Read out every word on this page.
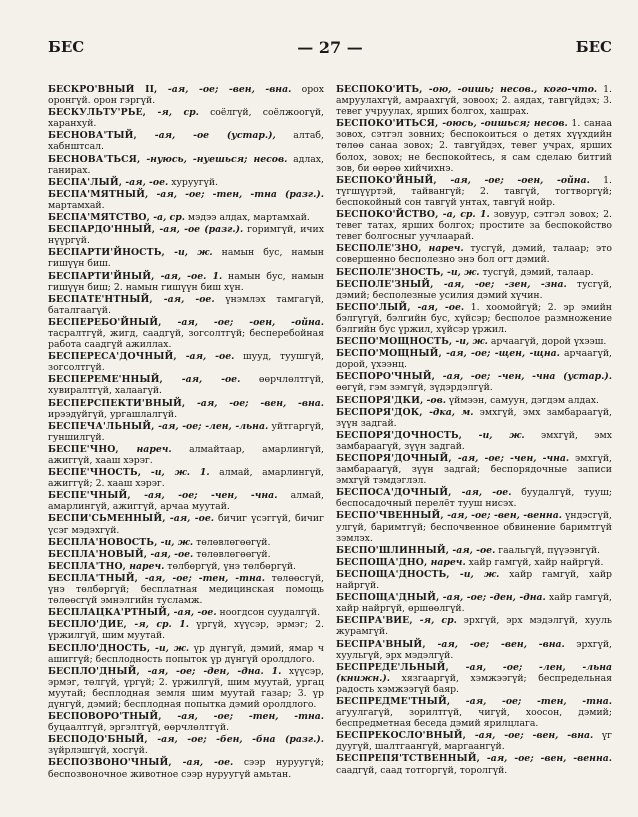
БЕС	— 27 —	БЕС

БЕСКРО'ВНЫЙ II, -ая, -ое; -вен, -вна. орох оронгүй. орон гэргүй.

БЕСКУЛЬТУ'РЬЕ, -я, ср. соёлгүй, соёлжоогүй, харанхуй.

БЕСНОВА'ТЫЙ, -ая, -ое (устар.), алтаб, хабнштсал.

БЕСНОВА'ТЬСЯ, -нуюсь, -нуешься; несов. адлах, ганирах.

БЕСПА'ЛЫЙ, -ая, -ое. хуруугүй.

БЕСПА'МЯТНЫЙ, -ая, -ое; -тен, -тна (разг.). мартамхай.

БЕСПА'МЯТСТВО, -а, ср. мэдээ алдах, мартамхай.

БЕСПАРДО'ННЫЙ, -ая, -ое (разг.). горимгүй, ичих нүүргүй.

БЕСПАРТИ'ЙНОСТЬ, -и, ж. намын бус, намын гишүүн биш.

БЕСПАРТИ'ЙНЫЙ, -ая, -ое. 1. намын бус, намын гишүүн биш; 2. намын гишүүн биш хүн.

БЕСПАТЕ'НТНЫЙ, -ая, -ое. үнэмлэх тамгагүй, баталгаагүй.

БЕСПЕРЕБО'ЙНЫЙ, -ая, -ое; -оен, -ойна. тасралтгүй, жигд, саадгүй, зогсолтгүй; бесперебойная работа саадгүй ажиллах.

БЕСПЕРЕСА'ДОЧНЫЙ, -ая, -ое. шууд, туушгүй, зогсолтгүй.

БЕСПЕРЕМЕ'ННЫЙ, -ая, -ое. өөрчлөлтгүй, хувиралтгүй, халаагүй.

БЕСПЕРСПЕКТИ'ВНЫЙ, -ая, -ое; -вен, -вна. ирээдүйгүй, ургашлалгүй.

БЕСПЕЧА'ЛЬНЫЙ, -ая, -ое; -лен, -льна. уйтгаргүй, гуншилгүй.

БЕСПЕ'ЧНО, нареч. алмайтаар, амарлингүй, ажиггүй, хааш хэрэг.

БЕСПЕ'ЧНОСТЬ, -и, ж. 1. алмай, амарлингүй, ажиггүй; 2. хааш хэрэг.

БЕСПЕ'ЧНЫЙ, -ая, -ое; -чен, -чна. алмай, амарлингүй, ажиггүй, арчаа муутай.

БЕСПИ'СЬМЕННЫЙ, -ая, -ое. бичиг үсэггүй, бичиг үсэг мэдэхгүй.

БЕСПЛА'НОВОСТЬ, -и, ж. төлөвлөгөөгүй.

БЕСПЛА'НОВЫЙ, -ая, -ое. төлөвлөгөөгүй.

БЕСПЛА'ТНО, нареч. төлбөргүй, үнэ төлбөргүй.

БЕСПЛА'ТНЫЙ, -ая, -ое; -тен, -тна. төлөөсгүй, үнэ төлбөргүй; бесплатная медицинская помощь төлөөсгүй эмнэлгийн тусламж.

БЕСПЛАЦКА'РТНЫЙ, -ая, -ое. ноогдсон суудалгүй.

БЕСПЛО'ДИЕ, -я, ср. 1. үргүй, хүүсэр, эрмэг; 2. үржилгүй, шим муутай.

БЕСПЛО'ДНОСТЬ, -и, ж. үр дүнгүй, дэмий, ямар ч ашиггүй; бесплодность попыток үр дүнгүй оролдлого.

БЕСПЛО'ДНЫЙ, -ая, -ое; -ден, -дна. 1. хүүсэр, эрмэг, төлгүй, үргүй; 2. үржилгүй, шим муутай, ургац муутай; бесплодная земля шим муутай газар; 3. үр дүнгүй, дэмий; бесплодная попытка дэмий оролдлого.

БЕСПОВОРО'ТНЫЙ, -ая, -ое; -тен, -тна. буцаалтгүй, эргэлтгүй, өөрчлөлтгүй.

БЕСПОДО'БНЫЙ, -ая, -ое; -бен, -бна (разг.). зүйрлэшгүй, хосгүй.

БЕСПОЗВОНО'ЧНЫЙ, -ая, -ое. сээр нуруугүй; беспозвоночное животное сээр нуруугүй амьтан.

БЕСПОКО'ИТЬ, -ою, -оишь; несов., кого-что. 1. амруулахгүй, амраахгүй, зовоох; 2. аядах, тавгүйдэх; 3. тевег учруулах, ярших болгох, хашрах.

БЕСПОКО'ИТЬСЯ, -оюсь, -оишься; несов. 1. санаа зовох, сэтгэл зовних; беспокоиться о детях хүүхдийн төлөө санаа зовох; 2. тавгүйдэх, тевег учрах, ярших болох, зовох; не беспокойтесь, я сам сделаю битгий зов, би өөрөө хийчихнэ.

БЕСПОКО'ЙНЫЙ, -ая, -ое; -оен, -ойна. 1. түгшүүртэй, тайвангүй; 2. тавгүй, тогтворгүй; беспокойный сон тавгүй унтах, тавгүй нойр.

БЕСПОКО'ЙСТВО, -а, ср. 1. зовуур, сэтгэл зовох; 2. тевег татах, ярших болгох; простите за беспокойство тевег болгосныг уучлаарай.

БЕСПОЛЕ'ЗНО, нареч. тусгүй, дэмий, талаар; это совершенно бесполезно энэ бол огт дэмий.

БЕСПОЛЕ'ЗНОСТЬ, -и, ж. тусгүй, дэмий, талаар.

БЕСПОЛЕ'ЗНЫЙ, -ая, -ое; -зен, -зна. тусгүй, дэмий; бесполезные усилия дэмий хүчин.

БЕСПО'ЛЫЙ, -ая, -ое. 1. хоомойгүй; 2. эр эмийн бэлгүгүй, бэлгийн бус, хүйсэр; бесполое размножение бэлгийн бус үржил, хүйсэр үржил.

БЕСПО'МОЩНОСТЬ, -и, ж. арчаагүй, дорой үхээш.

БЕСПО'МОЩНЫЙ, -ая, -ое; -щен, -щна. арчаагүй, дорой, үхээнц.

БЕСПОРО'ЧНЫЙ, -ая, -ое; -чен, -чна (устар.). өөгүй, гэм зэмгүй, зүдэрдэлгүй.

БЕСПОРЯ'ДКИ, -ов. үймээн, самуун, дэгдэм алдах.

БЕСПОРЯ'ДОК, -дка, м. эмхгүй, эмх замбараагүй, зүүн задгай.

БЕСПОРЯ'ДОЧНОСТЬ, -и, ж. эмхгүй, эмх замбараагүй, зүүн задгай.

БЕСПОРЯ'ДОЧНЫЙ, -ая, -ое; -чен, -чна. эмхгүй, замбараагүй, зүүн задгай; беспорядочные записи эмхгүй тэмдэглэл.

БЕСПОСА'ДОЧНЫЙ, -ая, -ое. буудалгүй, тууш; беспосадочный перелёт тууш нисэх.

БЕСПО'ЧВЕННЫЙ, -ая, -ое; -вен, -венна. үндэсгүй, улгүй, баримтгүй; беспочвенное обвинение баримтгүй зэмлэх.

БЕСПО'ШЛИННЫЙ, -ая, -ое. гаальгүй, пүүээнгүй.

БЕСПОЩА'ДНО, нареч. хайр гамгүй, хайр найргүй.

БЕСПОЩА'ДНОСТЬ, -и, ж. хайр гамгүй, хайр найргүй.

БЕСПОЩА'ДНЫЙ, -ая, -ое; -ден, -дна. хайр гамгүй, хайр найргүй, өршөөлгүй.

БЕСПРА'ВИЕ, -я, ср. эрхгүй, эрх мэдэлгүй, хууль журамгүй.

БЕСПРА'ВНЫЙ, -ая, -ое; -вен, -вна. эрхгүй, хуульгүй, эрх мэдэлгүй.

БЕСПРЕДЕ'ЛЬНЫЙ, -ая, -ое; -лен, -льна (книжн.). хязгааргүй, хэмжээгүй; беспредельная радость хэмжээгүй баяр.

БЕСПРЕДМЕ'ТНЫЙ, -ая, -ое; -тен, -тна. агуулгагүй, зорилтгүй, чигүй, хоосон, дэмий; беспредметная беседа дэмий ярилцлага.

БЕСПРЕКОСЛО'ВНЫЙ, -ая, -ое; -вен, -вна. үг дуугүй, шалтгаангүй, маргаангүй.

БЕСПРЕПЯ'ТСТВЕННЫЙ, -ая, -ое; -вен, -венна. саадгүй, саад тотгоргүй, торолгүй.
